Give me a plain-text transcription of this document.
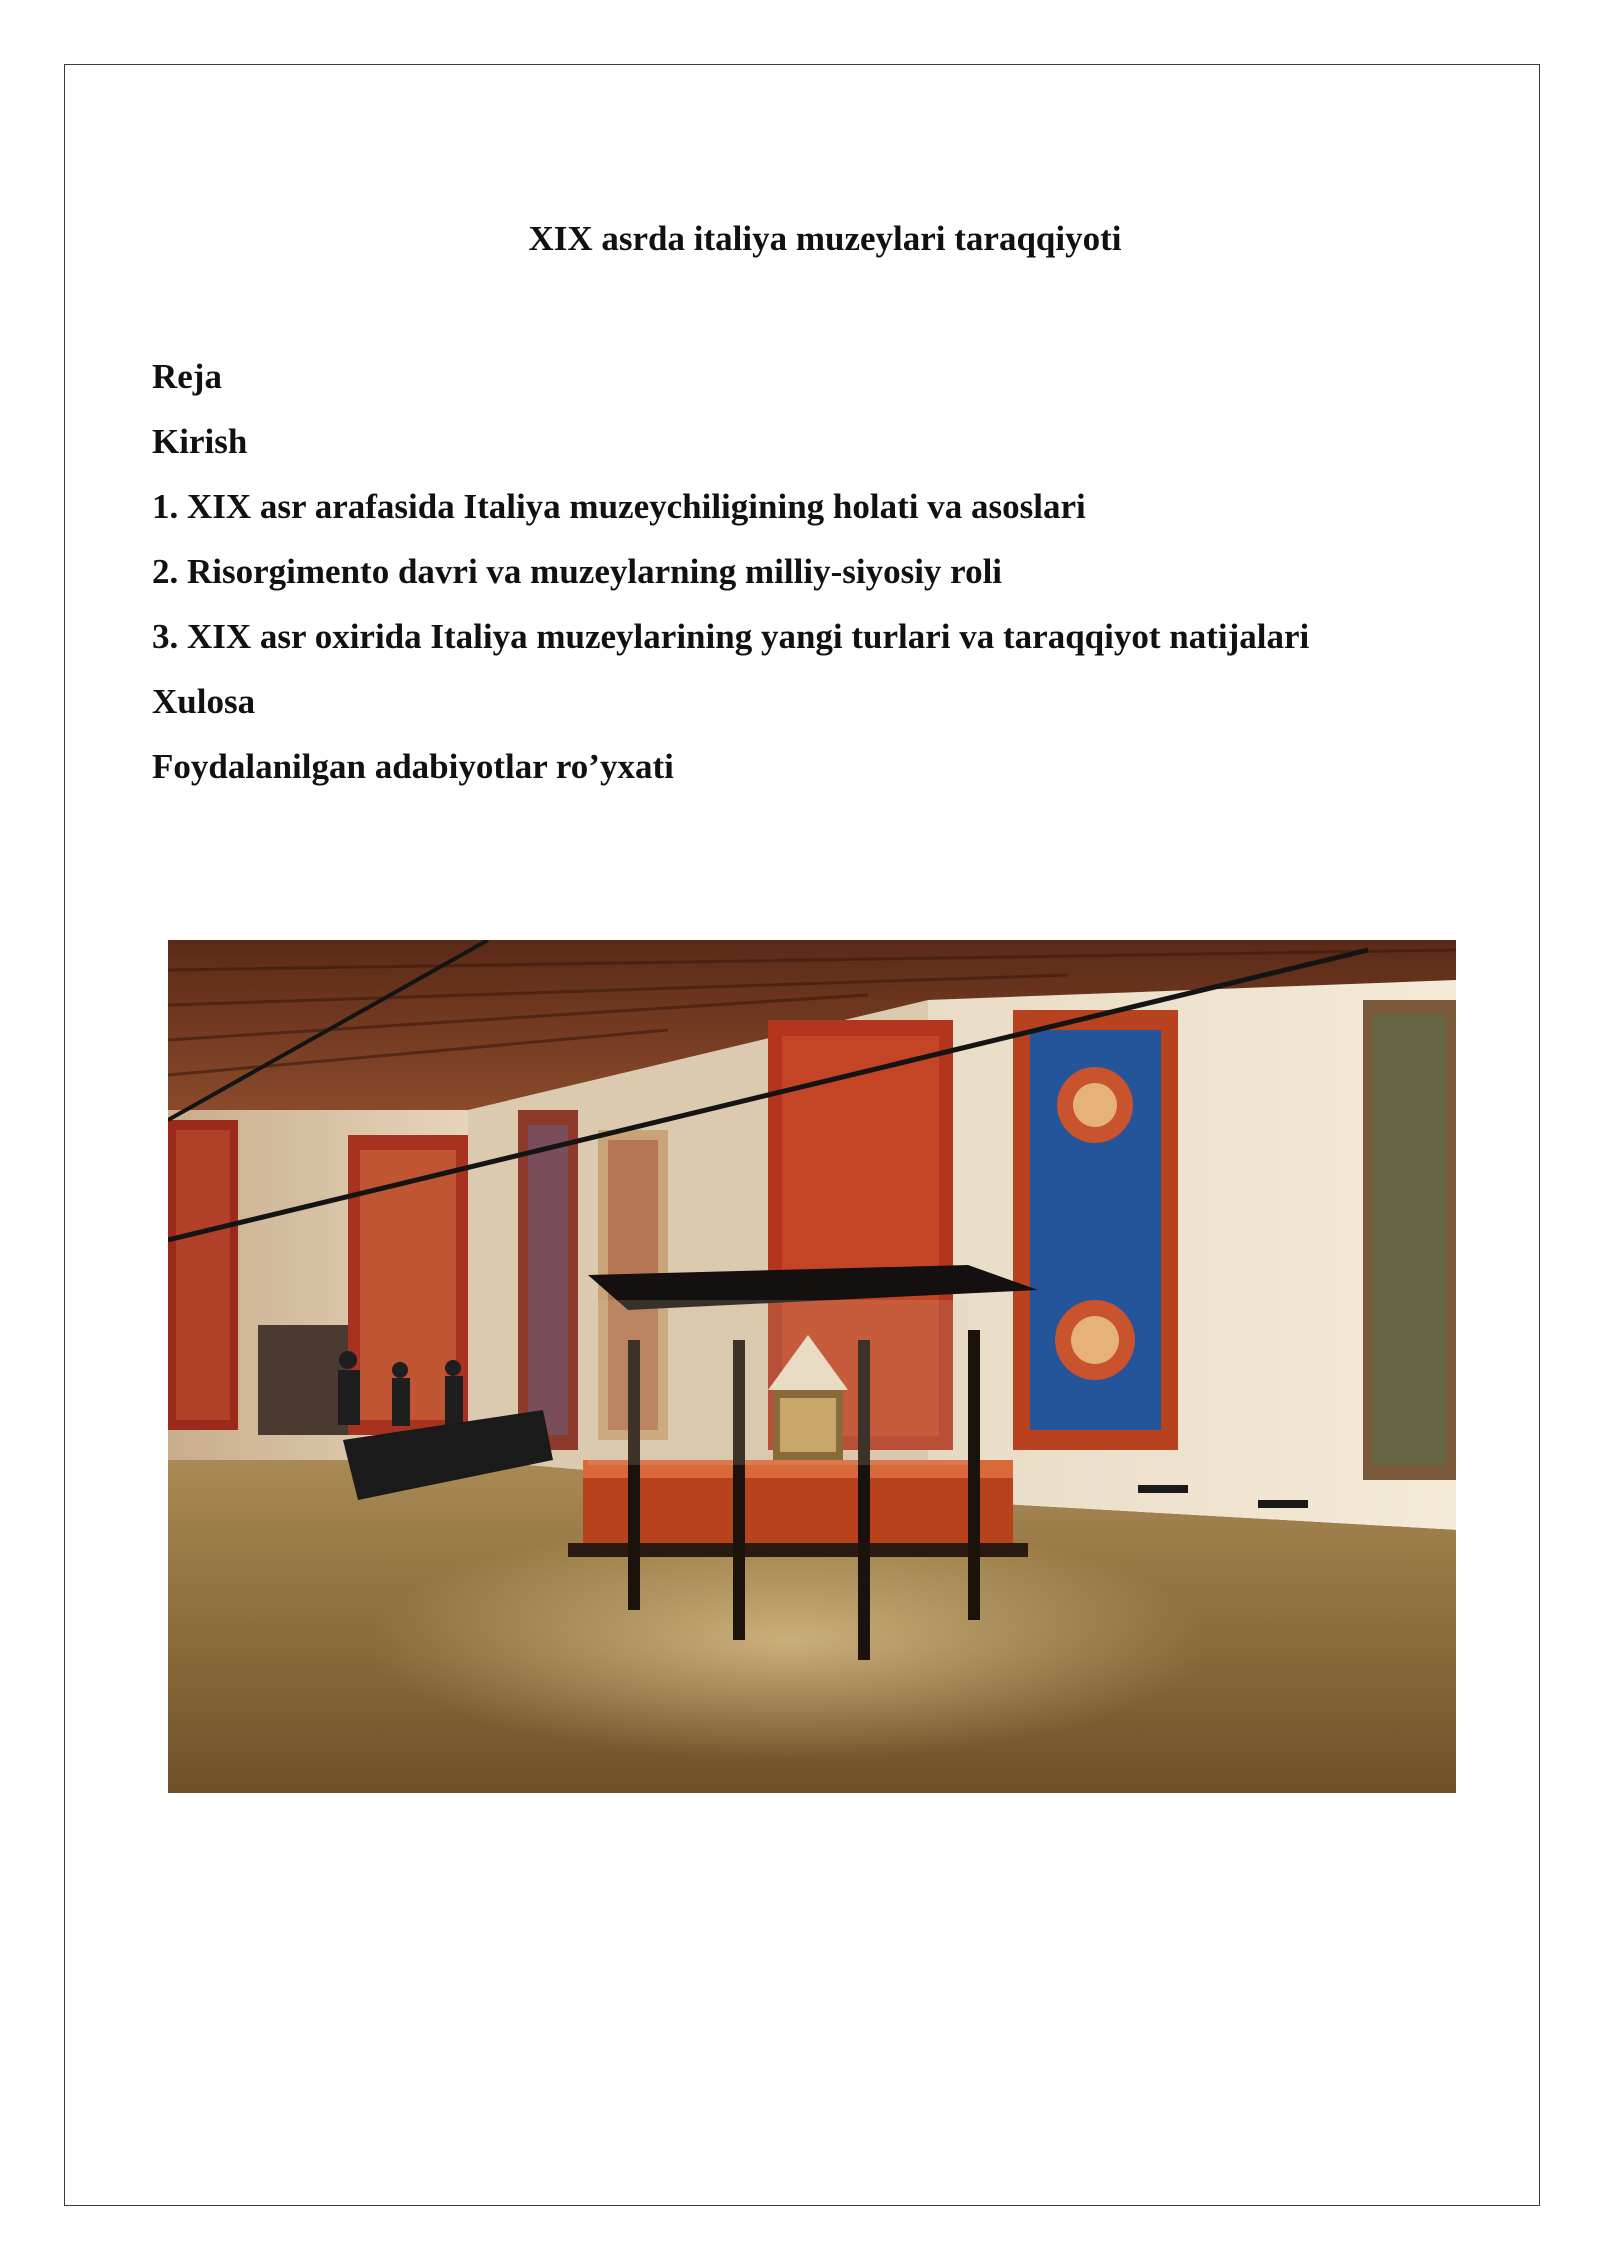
XIX asrda italiya muzeylari taraqqiyoti
Reja
Kirish
1. XIX asr arafasida Italiya muzeychiligining holati va asoslari
2. Risorgimento davri va muzeylarning milliy-siyosiy roli
3. XIX asr oxirida Italiya muzeylarining yangi turlari va taraqqiyot natijalari
Xulosa
Foydalanilgan adabiyotlar ro’yxati
